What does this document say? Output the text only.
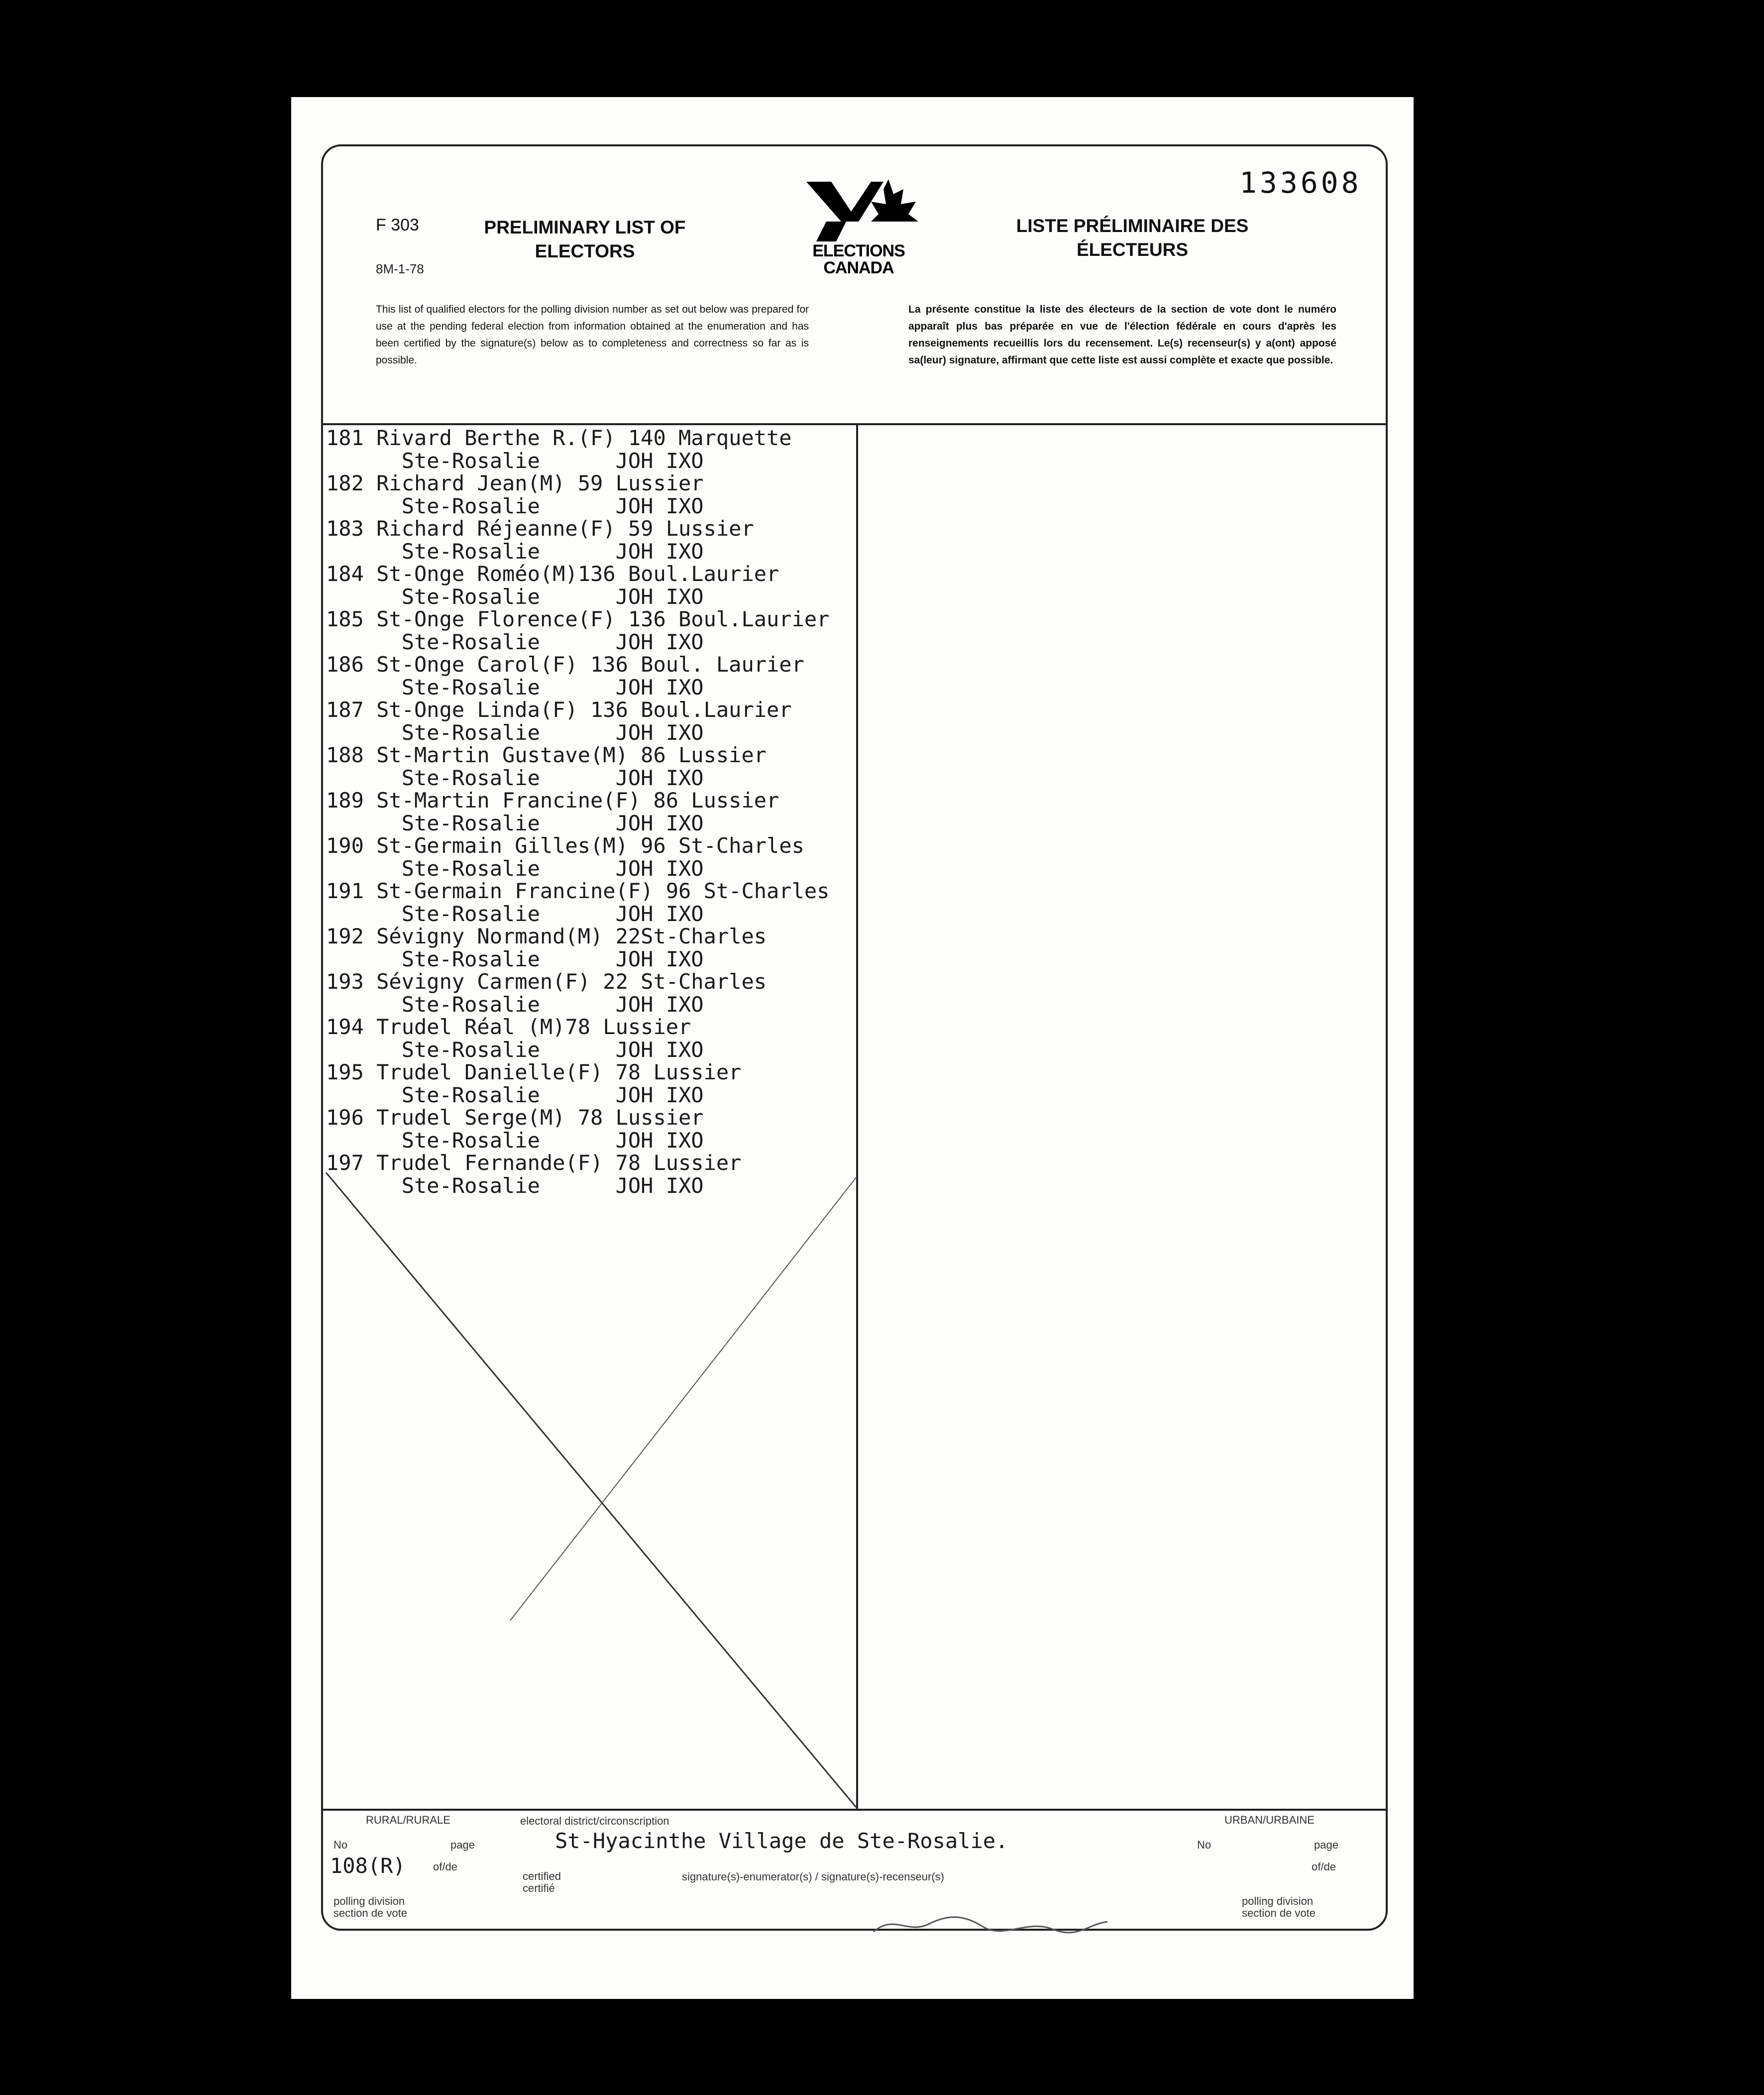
133608
F 303
8M-1-78
PRELIMINARY LIST OF ELECTORS
LISTE PRÉLIMINAIRE DES ÉLECTEURS
ELECTIONS CANADA
This list of qualified electors for the polling division number as set out below was prepared for use at the pending federal election from information obtained at the enumeration and has been certified by the signature(s) below as to completeness and correctness so far as is possible.
La présente constitue la liste des électeurs de la section de vote dont le numéro apparaît plus bas préparée en vue de l'élection fédérale en cours d'après les renseignements recueillis lors du recensement. Le(s) recenseur(s) y a(ont) apposé sa(leur) signature, affirmant que cette liste est aussi complète et exacte que possible.
181 Rivard Berthe R.(F) 140 Marquette
Ste-Rosalie      JOH IXO
182 Richard Jean(M) 59 Lussier
Ste-Rosalie      JOH IXO
183 Richard Réjeanne(F) 59 Lussier
Ste-Rosalie      JOH IXO
184 St-Onge Roméo(M)136 Boul.Laurier
Ste-Rosalie      JOH IXO
185 St-Onge Florence(F) 136 Boul.Laurier
Ste-Rosalie      JOH IXO
186 St-Onge Carol(F) 136 Boul. Laurier
Ste-Rosalie      JOH IXO
187 St-Onge Linda(F) 136 Boul.Laurier
Ste-Rosalie      JOH IXO
188 St-Martin Gustave(M) 86 Lussier
Ste-Rosalie      JOH IXO
189 St-Martin Francine(F) 86 Lussier
Ste-Rosalie      JOH IXO
190 St-Germain Gilles(M) 96 St-Charles
Ste-Rosalie      JOH IXO
191 St-Germain Francine(F) 96 St-Charles
Ste-Rosalie      JOH IXO
192 Sévigny Normand(M) 22St-Charles
Ste-Rosalie      JOH IXO
193 Sévigny Carmen(F) 22 St-Charles
Ste-Rosalie      JOH IXO
194 Trudel Réal (M)78 Lussier
Ste-Rosalie      JOH IXO
195 Trudel Danielle(F) 78 Lussier
Ste-Rosalie      JOH IXO
196 Trudel Serge(M) 78 Lussier
Ste-Rosalie      JOH IXO
197 Trudel Fernande(F) 78 Lussier
Ste-Rosalie      JOH IXO
RURAL/RURALE	electoral district/circonscription	URBAN/URBAINE
St-Hyacinthe Village de Ste-Rosalie.
No	page
108(R)	of/de
No	page
of/de
certified certifié
signature(s)-enumerator(s) / signature(s)-recenseur(s)
polling division section de vote
polling division section de vote
